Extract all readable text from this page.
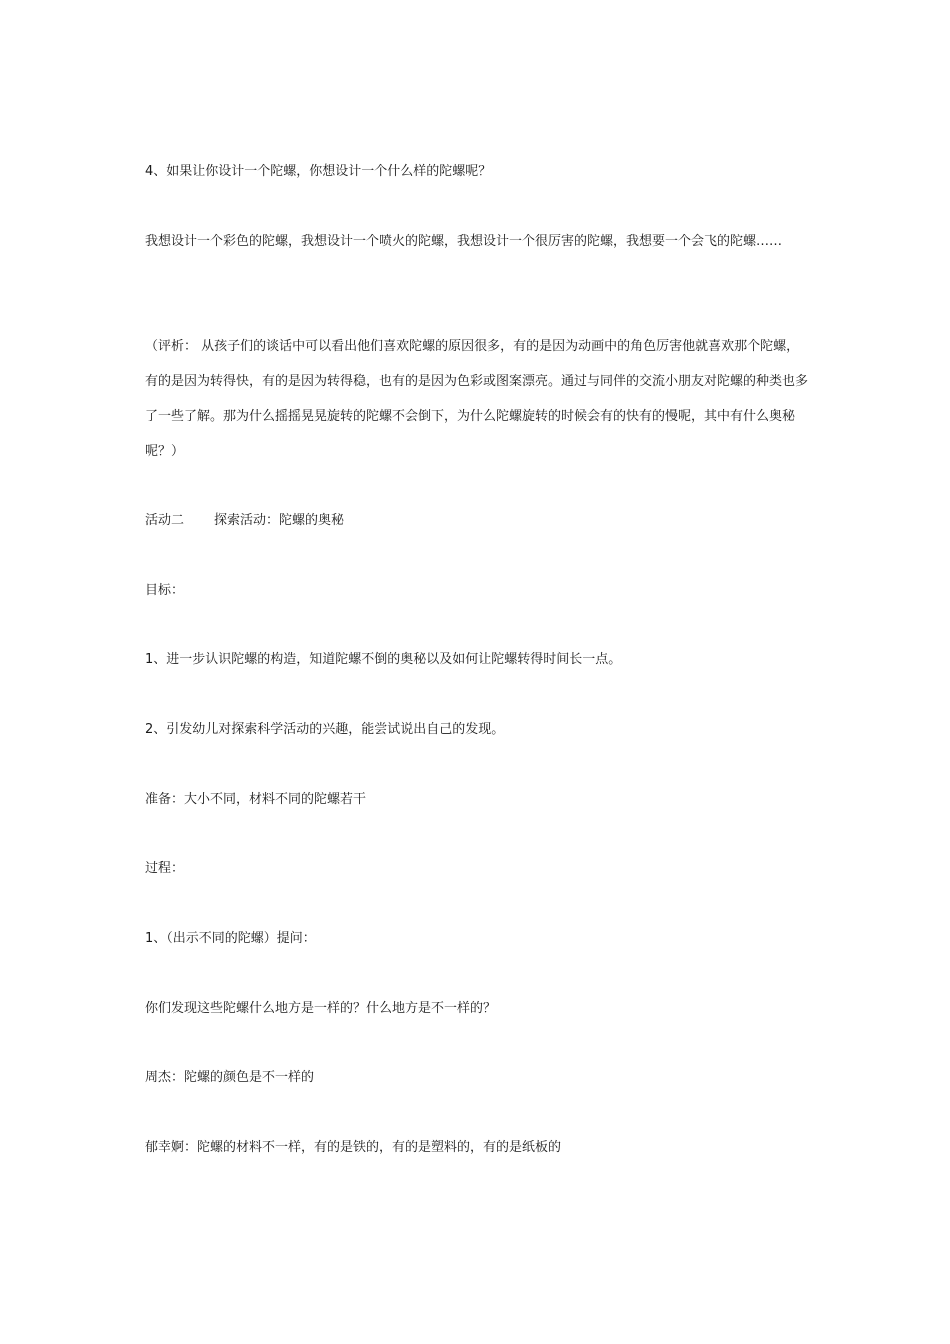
4、如果让你设计一个陀螺，你想设计一个什么样的陀螺呢？

我想设计一个彩色的陀螺，我想设计一个喷火的陀螺，我想设计一个很厉害的陀螺，我想要一个会飞的陀螺……

（评析： 从孩子们的谈话中可以看出他们喜欢陀螺的原因很多，有的是因为动画中的角色厉害他就喜欢那个陀螺，有的是因为转得快，有的是因为转得稳，也有的是因为色彩或图案漂亮。通过与同伴的交流小朋友对陀螺的种类也多了一些了解。那为什么摇摇晃晃旋转的陀螺不会倒下，为什么陀螺旋转的时候会有的快有的慢呢，其中有什么奥秘呢？）

活动二 探索活动：陀螺的奥秘

目标：

1、进一步认识陀螺的构造，知道陀螺不倒的奥秘以及如何让陀螺转得时间长一点。

2、引发幼儿对探索科学活动的兴趣，能尝试说出自己的发现。

准备：大小不同，材料不同的陀螺若干

过程：

1、（出示不同的陀螺）提问：

你们发现这些陀螺什么地方是一样的？什么地方是不一样的？

周杰：陀螺的颜色是不一样的

郁幸婀：陀螺的材料不一样，有的是铁的，有的是塑料的，有的是纸板的
